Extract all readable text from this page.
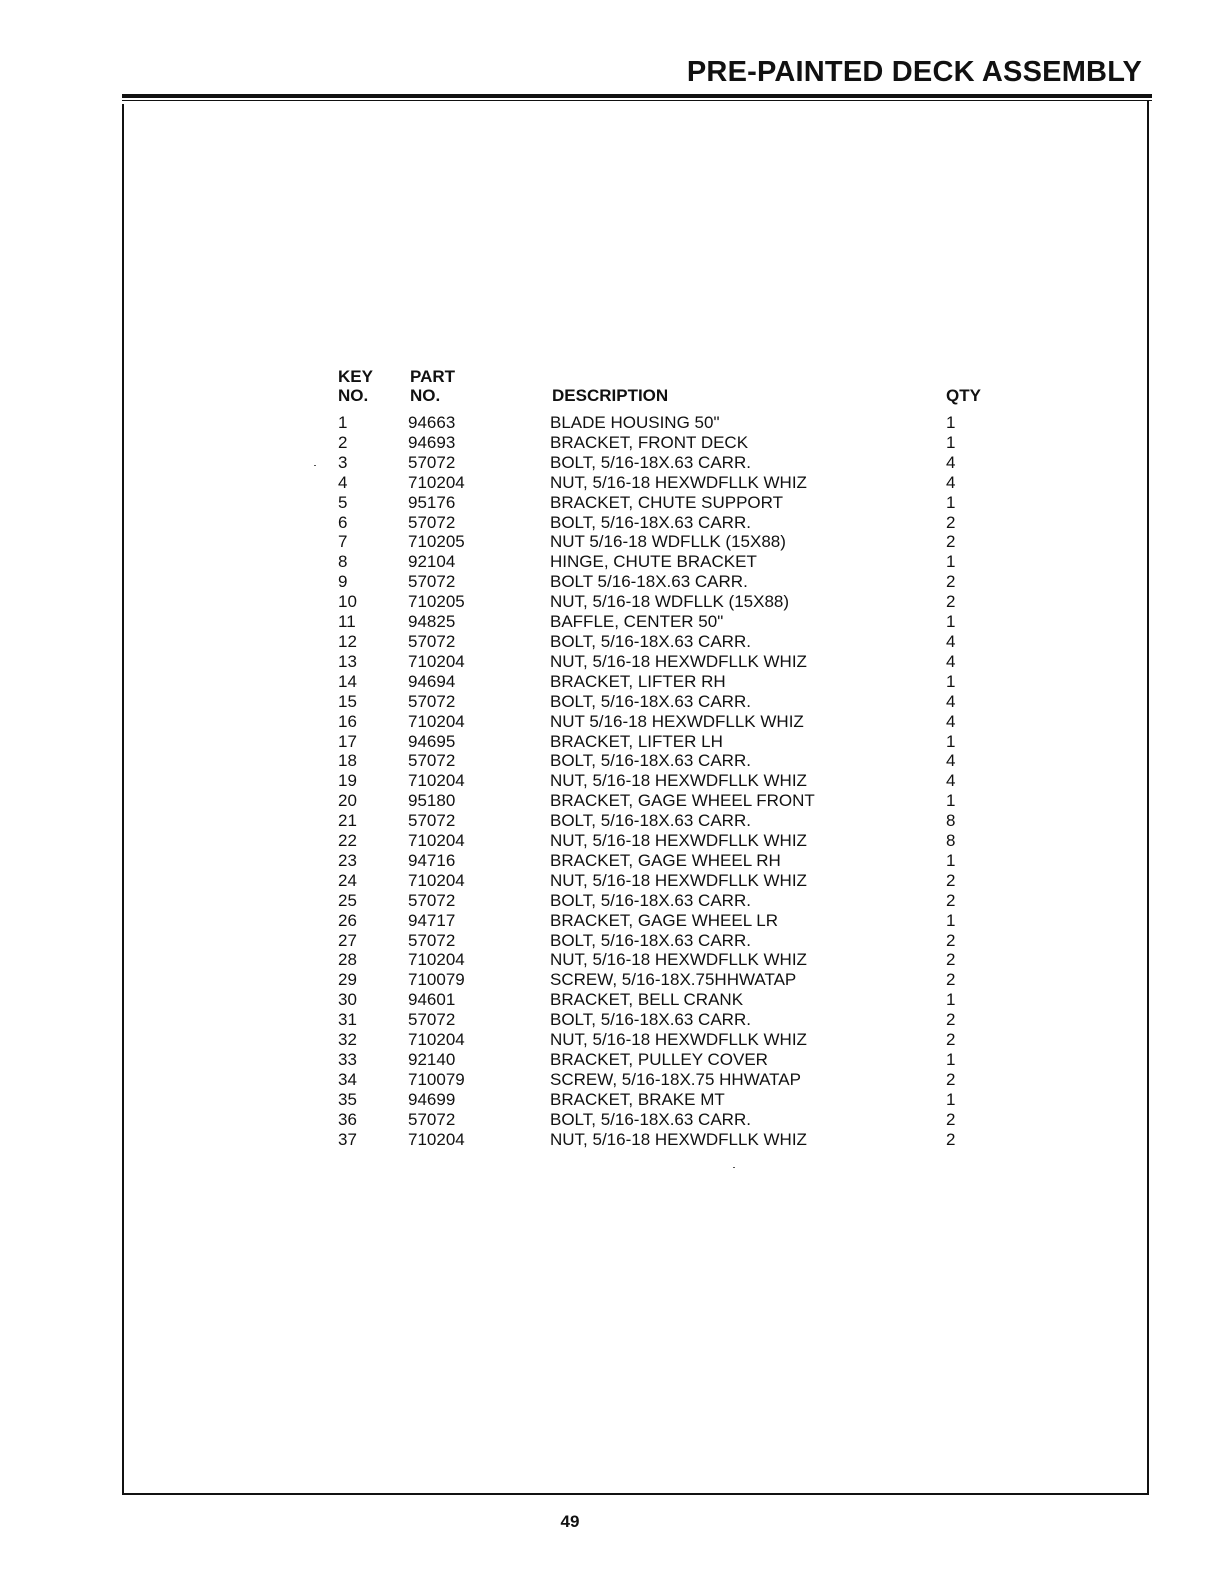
PRE-PAINTED DECK ASSEMBLY
KEY
NO.
PART
NO.	DESCRIPTION	QTY
1	94663	BLADE HOUSING 50"	1
2	94693	BRACKET, FRONT DECK	1
3	57072	BOLT, 5/16-18X.63 CARR.	4
4	710204	NUT, 5/16-18 HEXWDFLLK WHIZ	4
5	95176	BRACKET, CHUTE SUPPORT	1
6	57072	BOLT, 5/16-18X.63 CARR.	2
7	710205	NUT 5/16-18 WDFLLK (15X88)	2
8	92104	HINGE, CHUTE BRACKET	1
9	57072	BOLT 5/16-18X.63 CARR.	2
10	710205	NUT, 5/16-18 WDFLLK (15X88)	2
11	94825	BAFFLE, CENTER 50"	1
12	57072	BOLT, 5/16-18X.63 CARR.	4
13	710204	NUT, 5/16-18 HEXWDFLLK WHIZ	4
14	94694	BRACKET, LIFTER RH	1
15	57072	BOLT, 5/16-18X.63 CARR.	4
16	710204	NUT 5/16-18 HEXWDFLLK WHIZ	4
17	94695	BRACKET, LIFTER LH	1
18	57072	BOLT, 5/16-18X.63 CARR.	4
19	710204	NUT, 5/16-18 HEXWDFLLK WHIZ	4
20	95180	BRACKET, GAGE WHEEL FRONT	1
21	57072	BOLT, 5/16-18X.63 CARR.	8
22	710204	NUT, 5/16-18 HEXWDFLLK WHIZ	8
23	94716	BRACKET, GAGE WHEEL RH	1
24	710204	NUT, 5/16-18 HEXWDFLLK WHIZ	2
25	57072	BOLT, 5/16-18X.63 CARR.	2
26	94717	BRACKET, GAGE WHEEL LR	1
27	57072	BOLT, 5/16-18X.63 CARR.	2
28	710204	NUT, 5/16-18 HEXWDFLLK WHIZ	2
29	710079	SCREW, 5/16-18X.75HHWATAP	2
30	94601	BRACKET, BELL CRANK	1
31	57072	BOLT, 5/16-18X.63 CARR.	2
32	710204	NUT, 5/16-18 HEXWDFLLK WHIZ	2
33	92140	BRACKET, PULLEY COVER	1
34	710079	SCREW, 5/16-18X.75 HHWATAP	2
35	94699	BRACKET, BRAKE MT	1
36	57072	BOLT, 5/16-18X.63 CARR.	2
37	710204	NUT, 5/16-18 HEXWDFLLK WHIZ	2
49
